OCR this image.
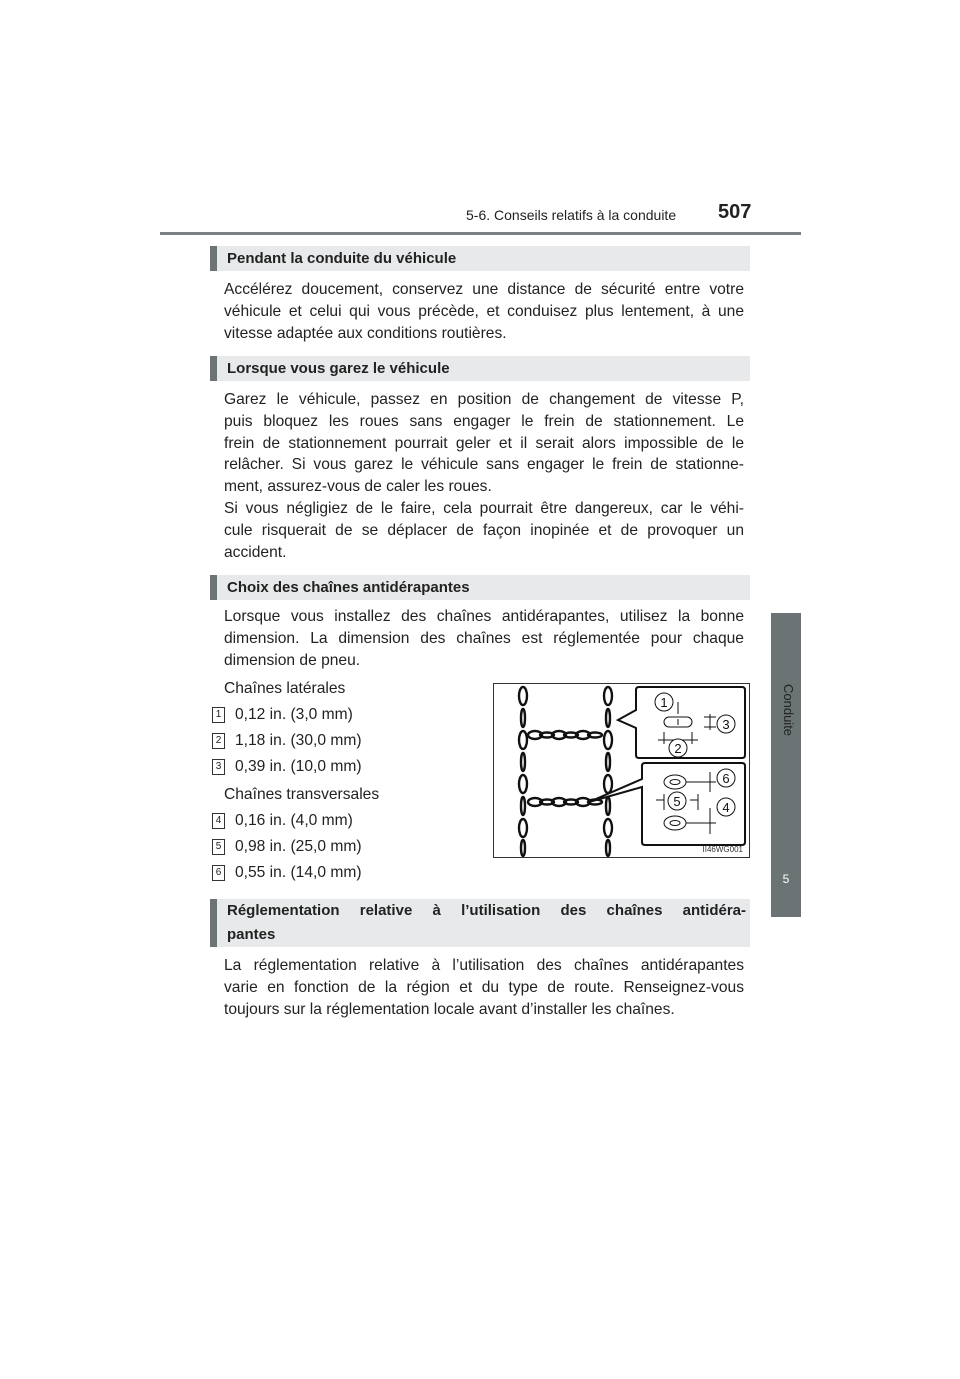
5-6. Conseils relatifs à la conduite 507
5
Conduite
Pendant la conduite du véhicule
Accélérez doucement, conservez une distance de sécurité entre votre
véhicule et celui qui vous précède, et conduisez plus lentement, à une
vitesse adaptée aux conditions routières.
Lorsque vous garez le véhicule
Garez le véhicule, passez en position de changement de vitesse P,
puis bloquez les roues sans engager le frein de stationnement. Le
frein de stationnement pourrait geler et il serait alors impossible de le
relâcher. Si vous garez le véhicule sans engager le frein de stationne-
ment, assurez-vous de caler les roues.
Si vous négligiez de le faire, cela pourrait être dangereux, car le véhi-
cule risquerait de se déplacer de façon inopinée et de provoquer un
accident.
Choix des chaînes antidérapantes
Lorsque vous installez des chaînes antidérapantes, utilisez la bonne
dimension. La dimension des chaînes est réglementée pour chaque
dimension de pneu.
Chaînes latérales
1 0,12 in. (3,0 mm)
2 1,18 in. (30,0 mm)
3 0,39 in. (10,0 mm)
Chaînes transversales
4 0,16 in. (4,0 mm)
5 0,98 in. (25,0 mm)
6 0,55 in. (14,0 mm)
1
2
3
4
5
6
II46WG001
Réglementation relative à l’utilisation des chaînes antidéra-
pantes
La réglementation relative à l’utilisation des chaînes antidérapantes
varie en fonction de la région et du type de route. Renseignez-vous
toujours sur la réglementation locale avant d’installer les chaînes.
